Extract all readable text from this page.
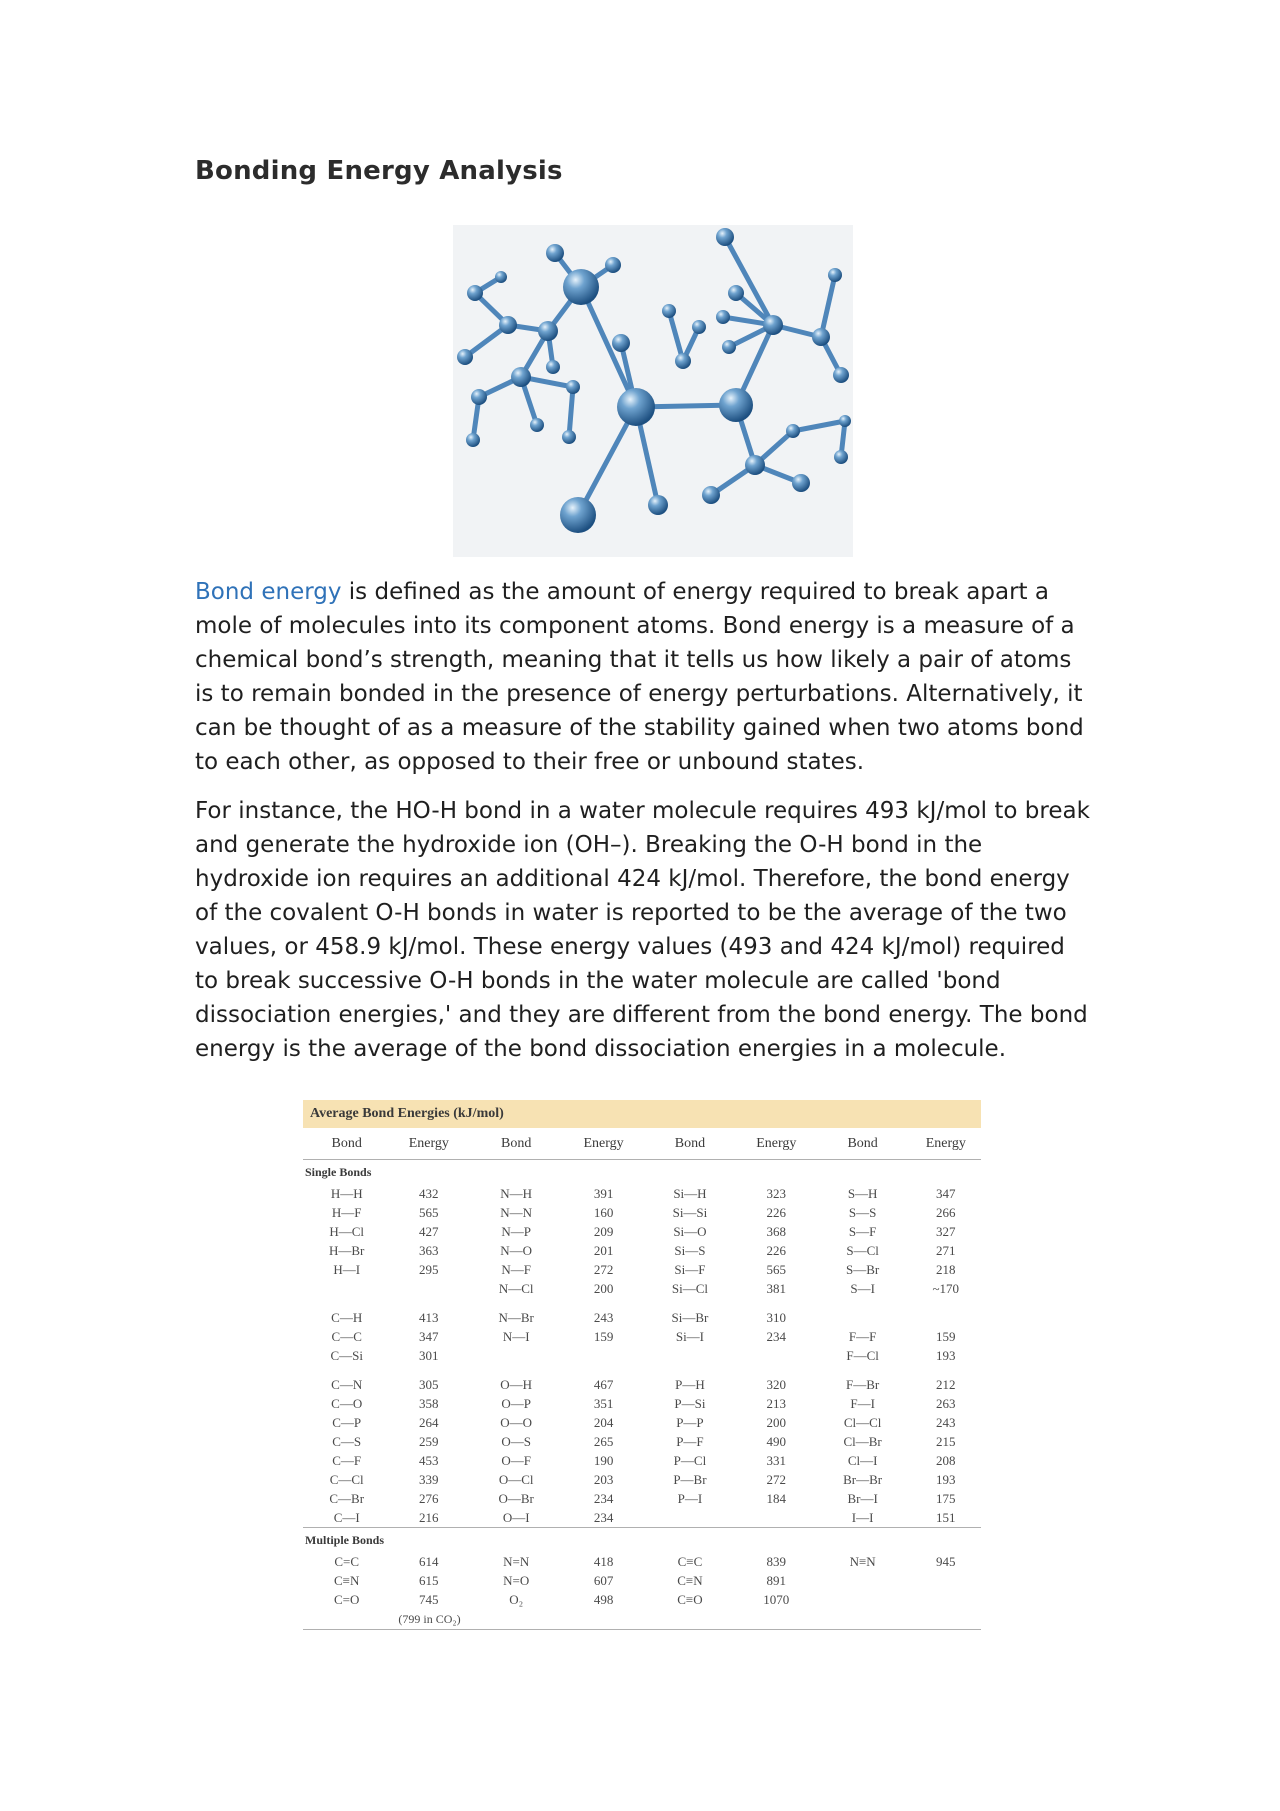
Bonding Energy Analysis

Bond energy is defined as the amount of energy required to break apart a mole of molecules into its component atoms. Bond energy is a measure of a chemical bond’s strength, meaning that it tells us how likely a pair of atoms is to remain bonded in the presence of energy perturbations. Alternatively, it can be thought of as a measure of the stability gained when two atoms bond to each other, as opposed to their free or unbound states.

For instance, the HO-H bond in a water molecule requires 493 kJ/mol to break and generate the hydroxide ion (OH–). Breaking the O-H bond in the hydroxide ion requires an additional 424 kJ/mol. Therefore, the bond energy of the covalent O-H bonds in water is reported to be the average of the two values, or 458.9 kJ/mol. These energy values (493 and 424 kJ/mol) required to break successive O-H bonds in the water molecule are called 'bond dissociation energies,' and they are different from the bond energy. The bond energy is the average of the bond dissociation energies in a molecule.

Average Bond Energies (kJ/mol)
Bond	Energy	Bond	Energy	Bond	Energy	Bond	Energy
Single Bonds							
H—H	432	N—H	391	Si—H	323	S—H	347
H—F	565	N—N	160	Si—Si	226	S—S	266
H—Cl	427	N—P	209	Si—O	368	S—F	327
H—Br	363	N—O	201	Si—S	226	S—Cl	271
H—I	295	N—F	272	Si—F	565	S—Br	218
		N—Cl	200	Si—Cl	381	S—I	~170

C—H	413	N—Br	243	Si—Br	310		
C—C	347	N—I	159	Si—I	234	F—F	159
C—Si	301					F—Cl	193

C—N	305	O—H	467	P—H	320	F—Br	212
C—O	358	O—P	351	P—Si	213	F—I	263
C—P	264	O—O	204	P—P	200	Cl—Cl	243
C—S	259	O—S	265	P—F	490	Cl—Br	215
C—F	453	O—F	190	P—Cl	331	Cl—I	208
C—Cl	339	O—Cl	203	P—Br	272	Br—Br	193
C—Br	276	O—Br	234	P—I	184	Br—I	175
C—I	216	O—I	234			I—I	151
Multiple Bonds							
C=C	614	N=N	418	C≡C	839	N≡N	945
C≡N	615	N=O	607	C≡N	891		
C=O	745	O₂	498	C≡O	1070		
	(799 in CO₂)						
